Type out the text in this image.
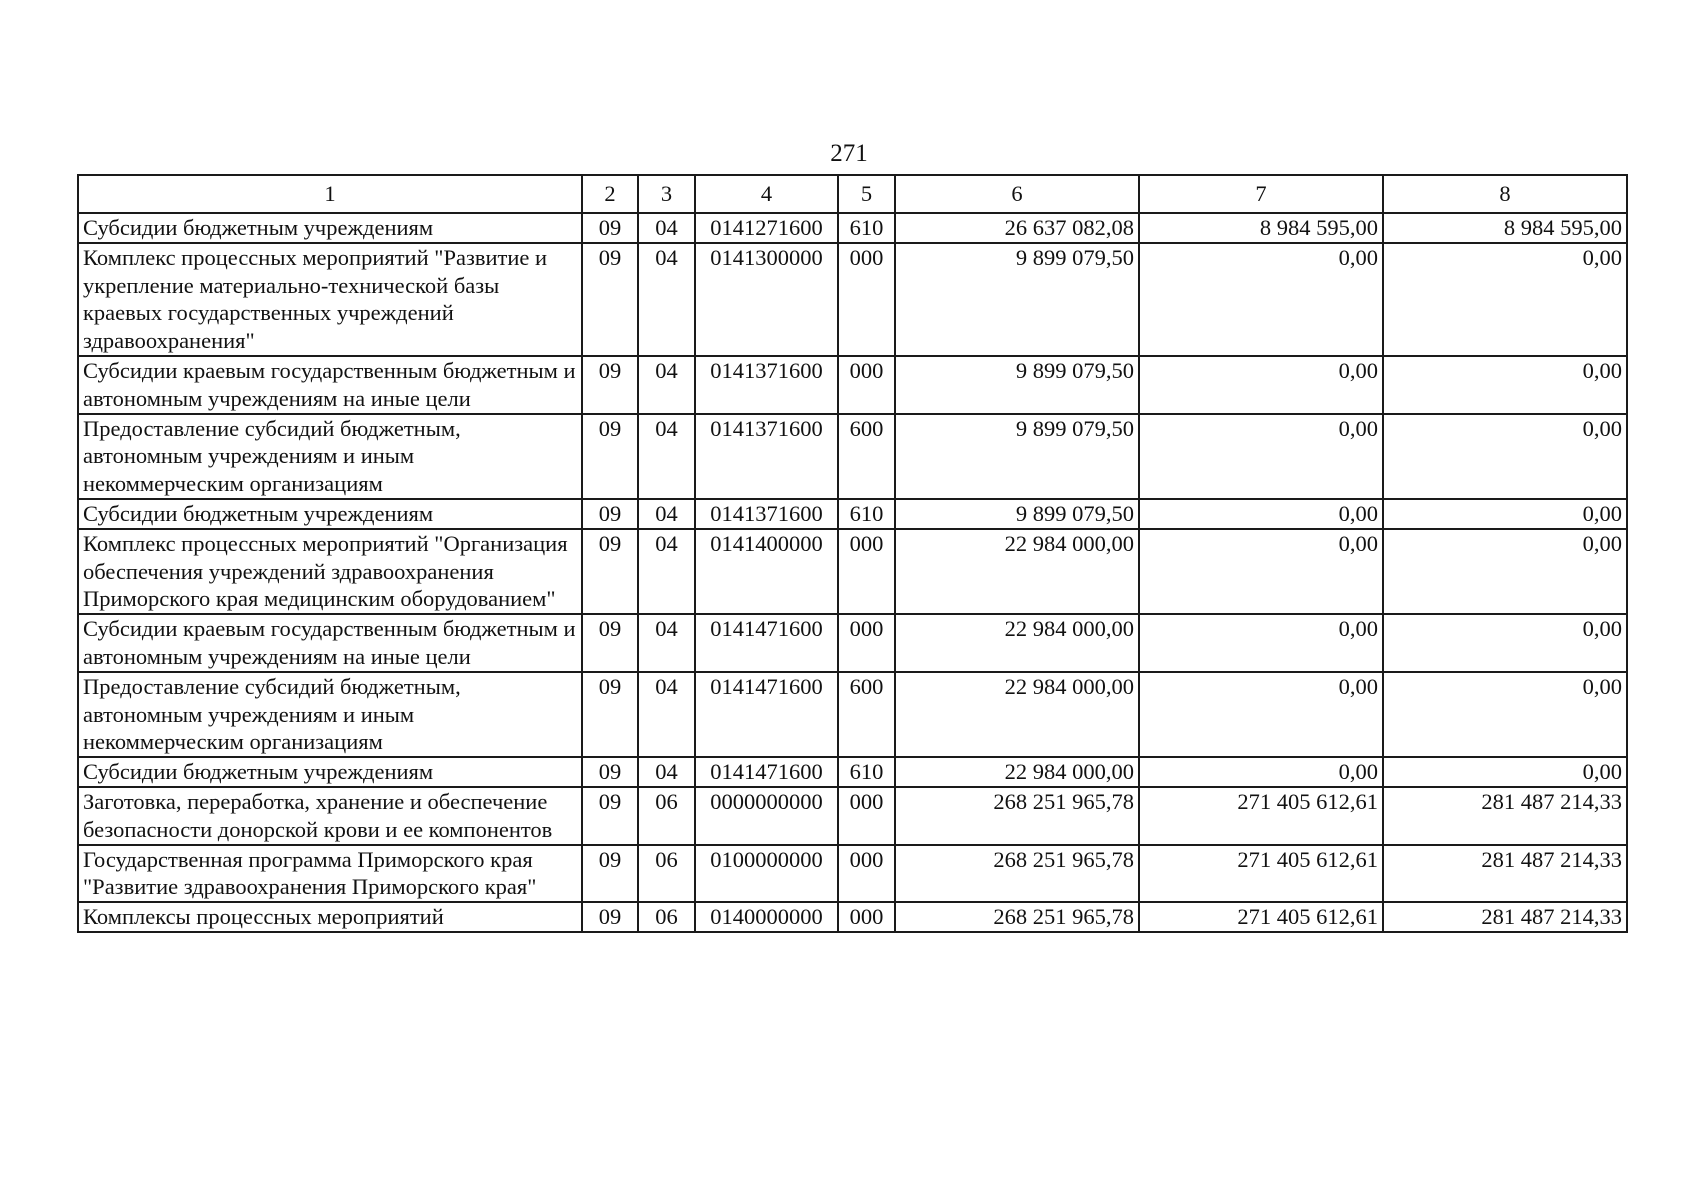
271
1	2	3	4	5	6	7	8
Субсидии бюджетным учреждениям	09	04	0141271600	610	26 637 082,08	8 984 595,00	8 984 595,00
Комплекс процессных мероприятий "Развитие и укрепление материально-технической базы краевых государственных учреждений здравоохранения"	09	04	0141300000	000	9 899 079,50	0,00	0,00
Субсидии краевым государственным бюджетным и автономным учреждениям на иные цели	09	04	0141371600	000	9 899 079,50	0,00	0,00
Предоставление субсидий бюджетным, автономным учреждениям и иным некоммерческим организациям	09	04	0141371600	600	9 899 079,50	0,00	0,00
Субсидии бюджетным учреждениям	09	04	0141371600	610	9 899 079,50	0,00	0,00
Комплекс процессных мероприятий "Организация обеспечения учреждений здравоохранения Приморского края медицинским оборудованием"	09	04	0141400000	000	22 984 000,00	0,00	0,00
Субсидии краевым государственным бюджетным и автономным учреждениям на иные цели	09	04	0141471600	000	22 984 000,00	0,00	0,00
Предоставление субсидий бюджетным, автономным учреждениям и иным некоммерческим организациям	09	04	0141471600	600	22 984 000,00	0,00	0,00
Субсидии бюджетным учреждениям	09	04	0141471600	610	22 984 000,00	0,00	0,00
Заготовка, переработка, хранение и обеспечение безопасности донорской крови и ее компонентов	09	06	0000000000	000	268 251 965,78	271 405 612,61	281 487 214,33
Государственная программа Приморского края "Развитие здравоохранения Приморского края"	09	06	0100000000	000	268 251 965,78	271 405 612,61	281 487 214,33
Комплексы процессных мероприятий	09	06	0140000000	000	268 251 965,78	271 405 612,61	281 487 214,33
